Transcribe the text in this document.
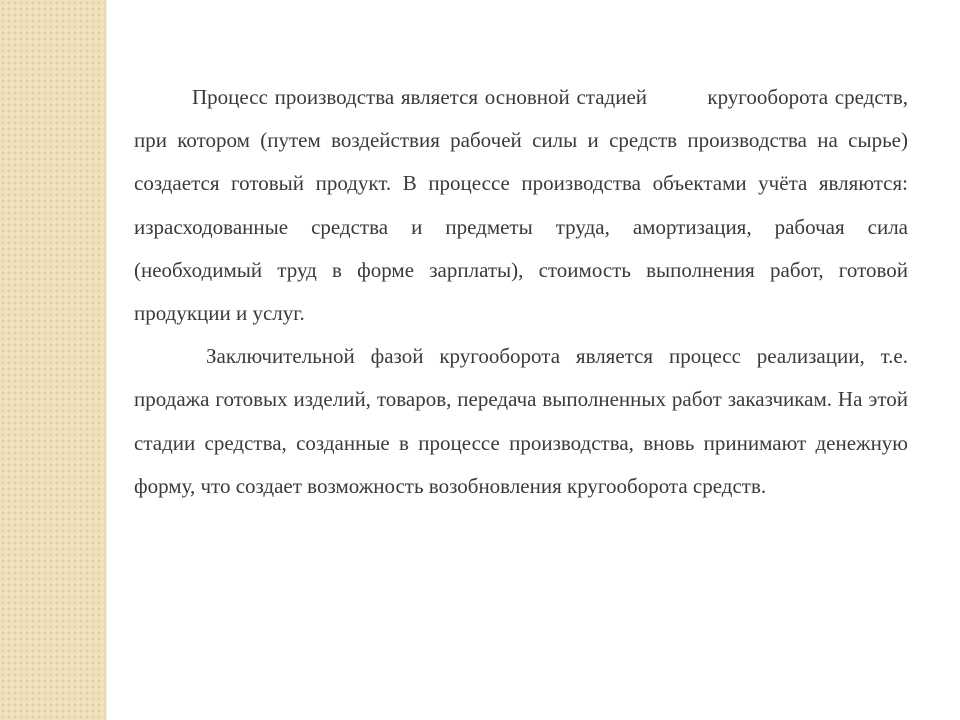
Процесс производства является основной стадией         кругооборота средств, при котором (путем воздействия рабочей силы и средств производства на сырье) создается готовый продукт. В процессе производства объектами учёта являются: израсходованные средства и предметы труда, амортизация, рабочая сила (необходимый труд в форме зарплаты), стоимость выполнения работ, готовой продукции и услуг.

Заключительной фазой кругооборота является процесс реализации, т.е. продажа готовых изделий, товаров, передача выполненных работ заказчикам. На этой стадии средства, созданные в процессе производства, вновь принимают денежную форму, что создает возможность возобновления кругооборота средств.
